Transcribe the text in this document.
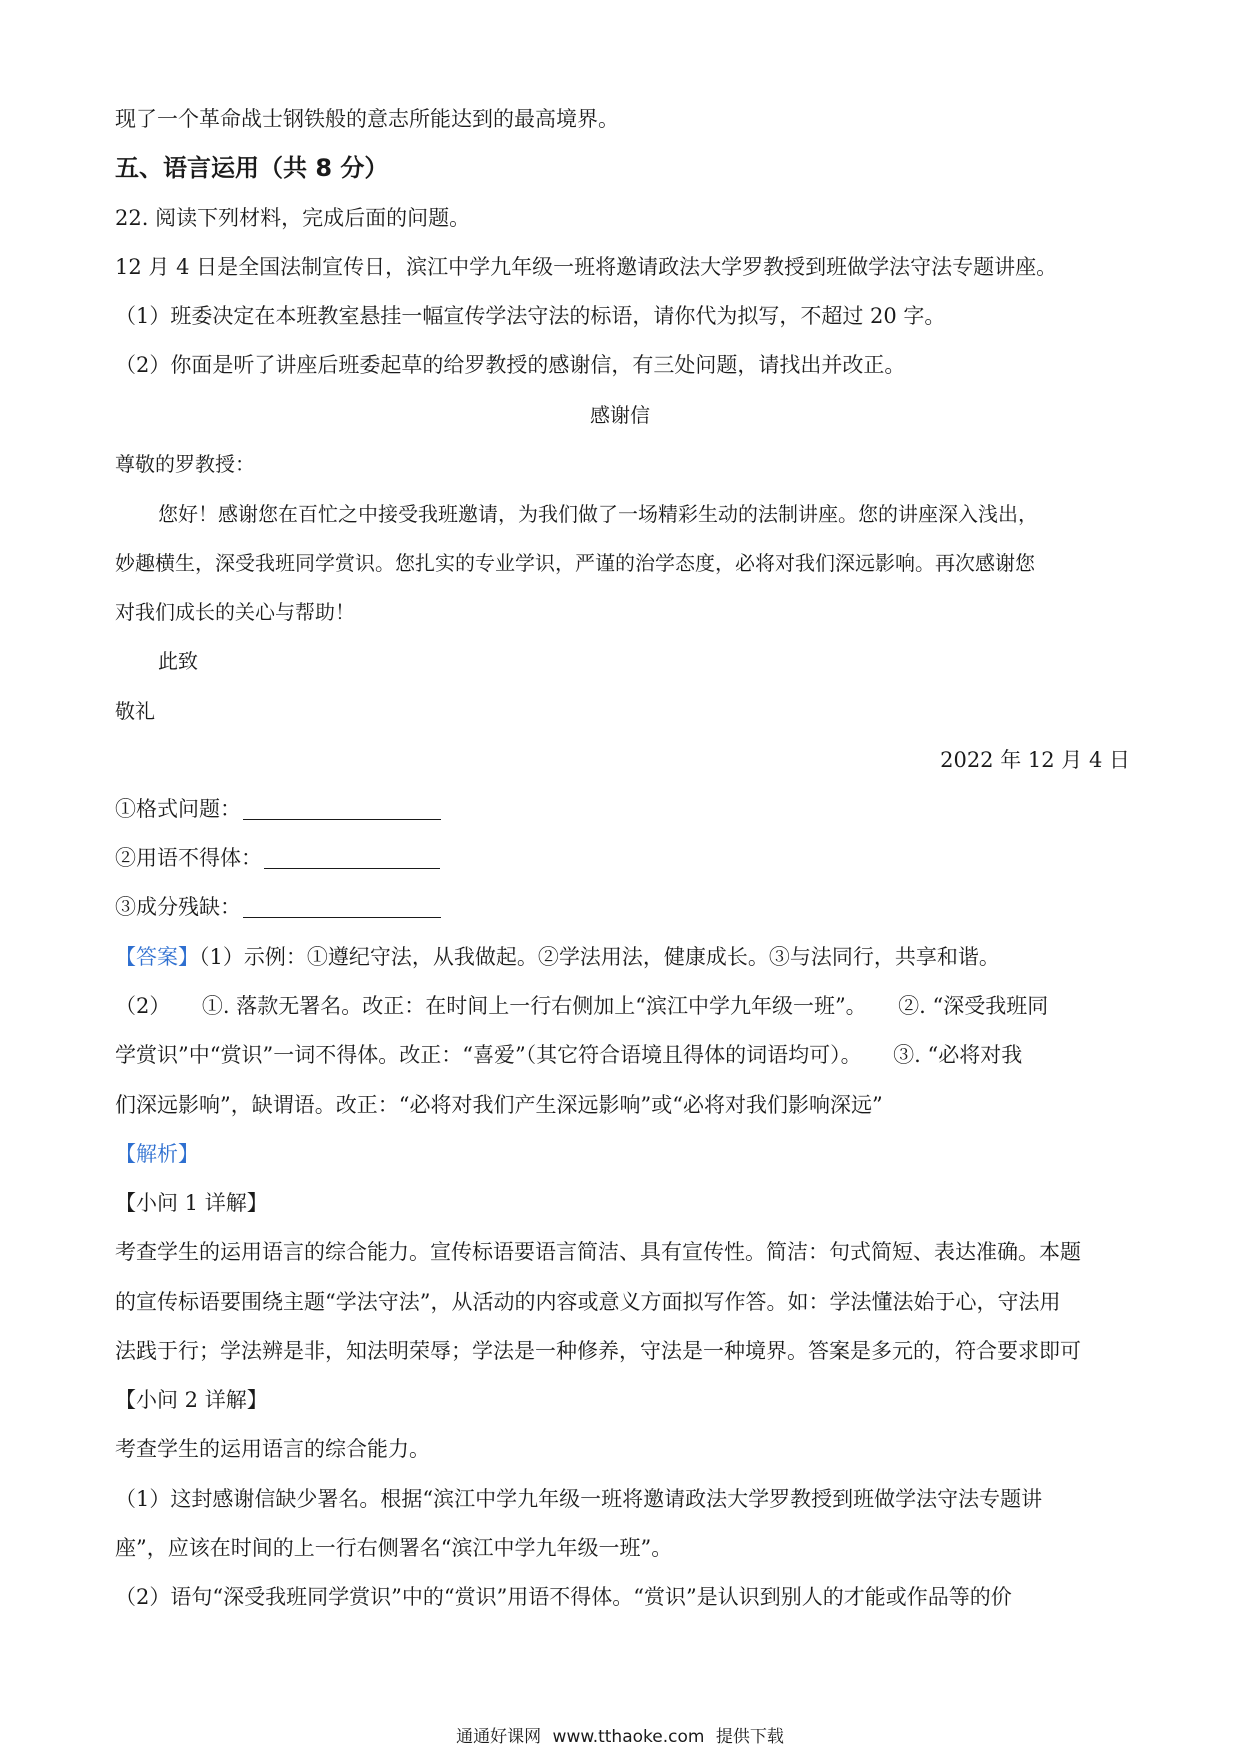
现了一个革命战士钢铁般的意志所能达到的最高境界。
五、语言运用（共 8 分）
22. 阅读下列材料，完成后面的问题。
12 月 4 日是全国法制宣传日，滨江中学九年级一班将邀请政法大学罗教授到班做学法守法专题讲座。
（1）班委决定在本班教室悬挂一幅宣传学法守法的标语，请你代为拟写，不超过 20 字。
（2）你面是听了讲座后班委起草的给罗教授的感谢信，有三处问题，请找出并改正。
感谢信
尊敬的罗教授：
您好！感谢您在百忙之中接受我班邀请，为我们做了一场精彩生动的法制讲座。您的讲座深入浅出，
妙趣横生，深受我班同学赏识。您扎实的专业学识，严谨的治学态度，必将对我们深远影响。再次感谢您
对我们成长的关心与帮助！
此致
敬礼
2022 年 12 月 4 日
①格式问题：
②用语不得体：
③成分残缺：
【答案】（1）示例：①遵纪守法，从我做起。②学法用法，健康成长。③与法同行，共享和谐。
（2）　　①. 落款无署名。改正：在时间上一行右侧加上“滨江中学九年级一班”。　　②. “深受我班同
学赏识”中“赏识”一词不得体。改正：“喜爱”（其它符合语境且得体的词语均可）。　　③. “必将对我
们深远影响”，缺谓语。改正：“必将对我们产生深远影响”或“必将对我们影响深远”
【解析】
【小问 1 详解】
考查学生的运用语言的综合能力。宣传标语要语言简洁、具有宣传性。简洁：句式简短、表达准确。本题
的宣传标语要围绕主题“学法守法”，从活动的内容或意义方面拟写作答。如：学法懂法始于心，守法用
法践于行；学法辨是非，知法明荣辱；学法是一种修养，守法是一种境界。答案是多元的，符合要求即可
【小问 2 详解】
考查学生的运用语言的综合能力。
（1）这封感谢信缺少署名。根据“滨江中学九年级一班将邀请政法大学罗教授到班做学法守法专题讲
座”，应该在时间的上一行右侧署名“滨江中学九年级一班”。
（2）语句“深受我班同学赏识”中的“赏识”用语不得体。“赏识”是认识到别人的才能或作品等的价
通通好课网 www.tthaoke.com 提供下载
